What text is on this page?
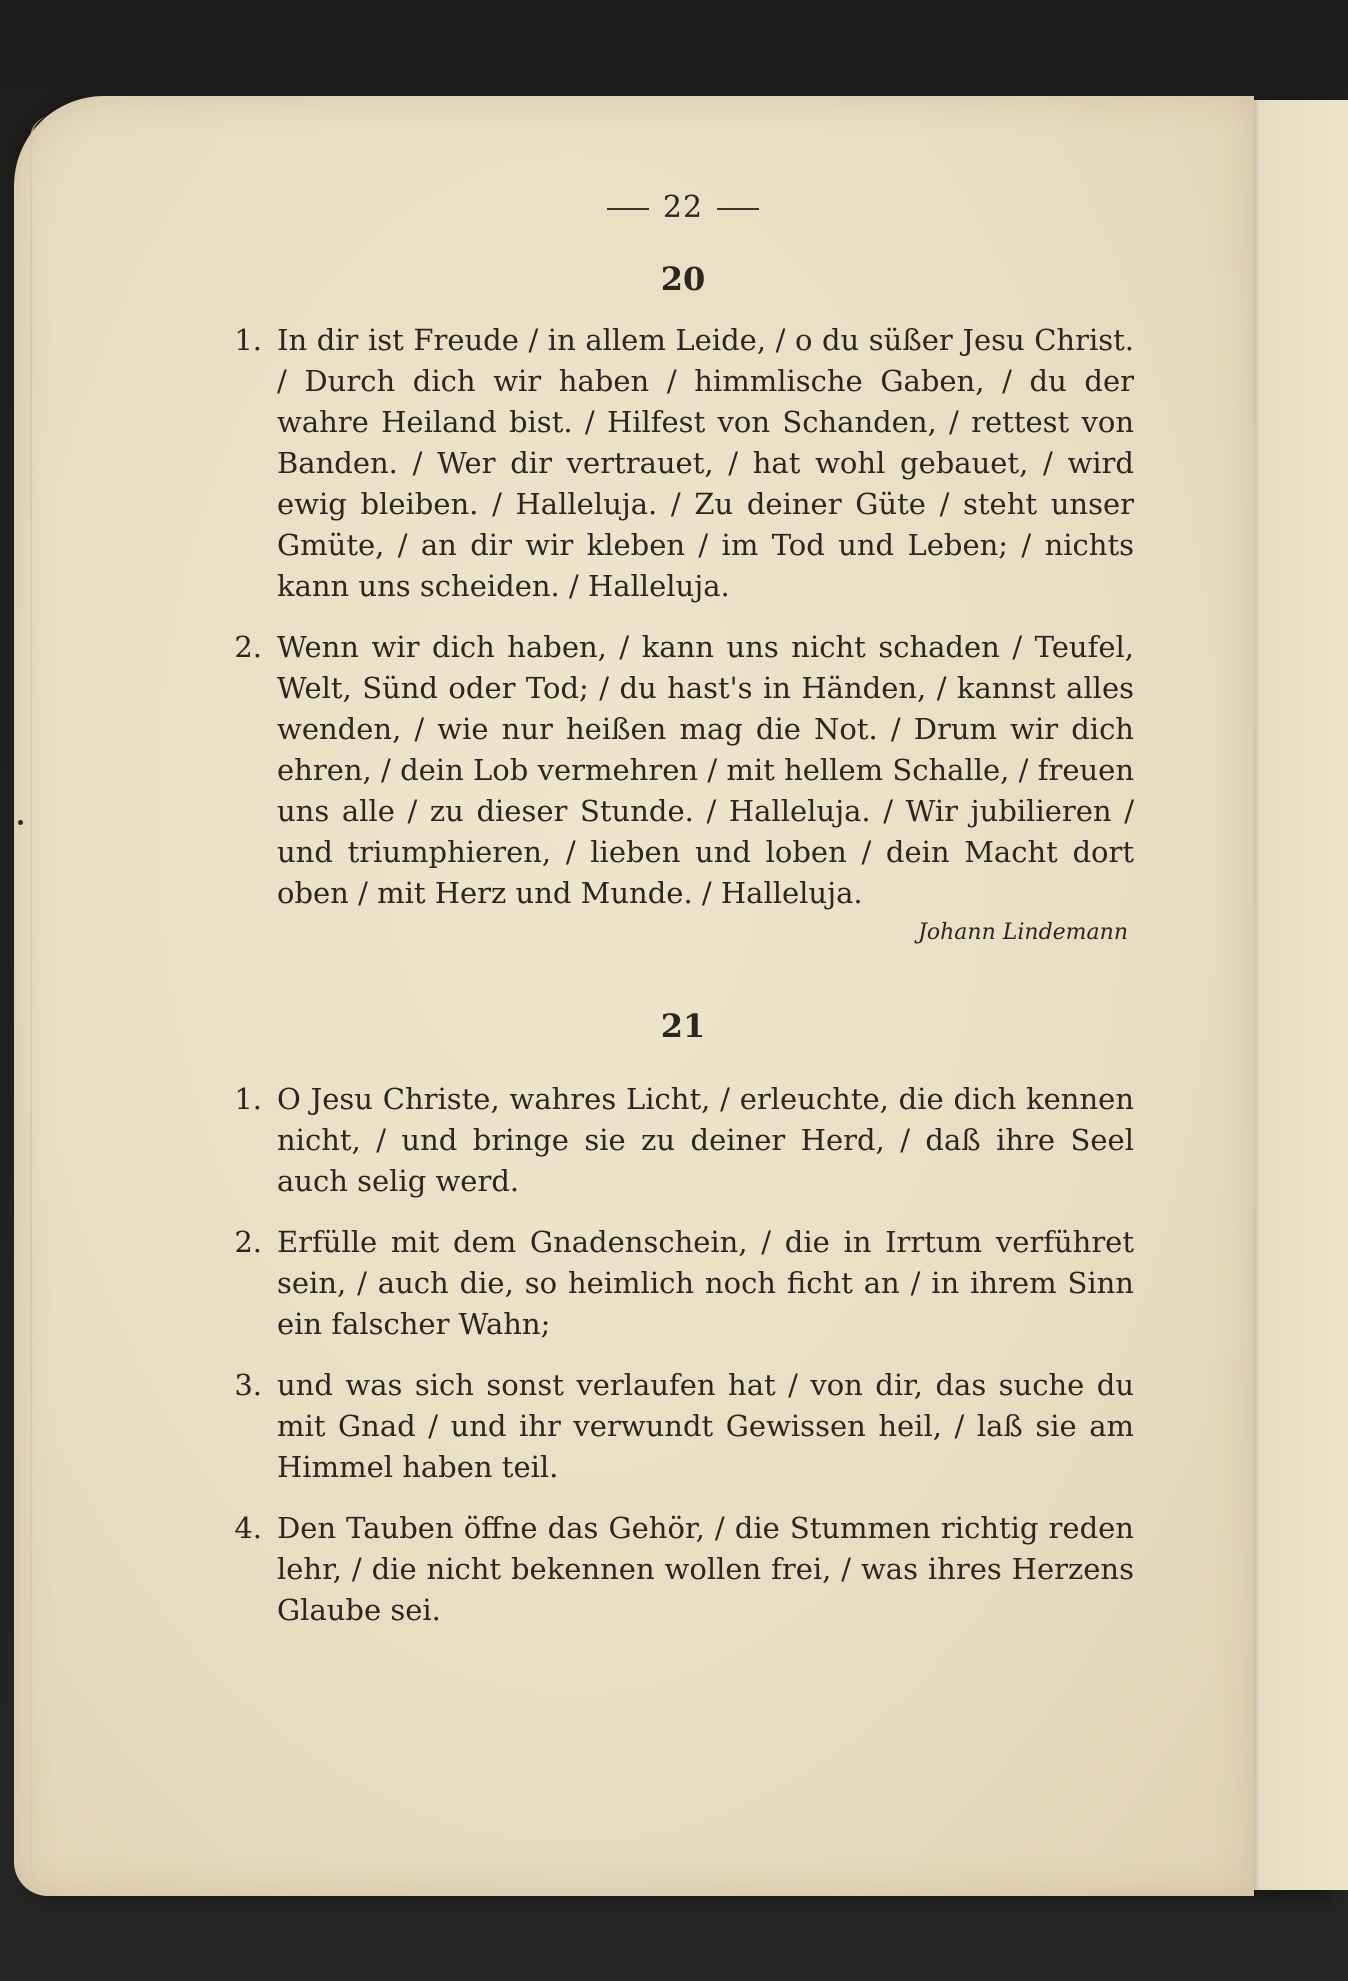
22
20
1. In dir ist Freude / in allem Leide, / o du süßer Jesu Christ. / Durch dich wir haben / himmlische Gaben, / du der wahre Heiland bist. / Hilfest von Schanden, / rettest von Banden. / Wer dir vertrauet, / hat wohl gebauet, / wird ewig bleiben. / Halleluja. / Zu deiner Güte / steht unser Gmüte, / an dir wir kleben / im Tod und Leben; / nichts kann uns scheiden. / Halleluja.
2. Wenn wir dich haben, / kann uns nicht schaden / Teufel, Welt, Sünd oder Tod; / du hast's in Händen, / kannst alles wenden, / wie nur heißen mag die Not. / Drum wir dich ehren, / dein Lob vermehren / mit hellem Schalle, / freuen uns alle / zu dieser Stunde. / Halleluja. / Wir jubilieren / und triumphieren, / lieben und loben / dein Macht dort oben / mit Herz und Munde. / Halleluja.
Johann Lindemann
21
1. O Jesu Christe, wahres Licht, / erleuchte, die dich kennen nicht, / und bringe sie zu deiner Herd, / daß ihre Seel auch selig werd.
2. Erfülle mit dem Gnadenschein, / die in Irrtum verführet sein, / auch die, so heimlich noch ficht an / in ihrem Sinn ein falscher Wahn;
3. und was sich sonst verlaufen hat / von dir, das suche du mit Gnad / und ihr verwundt Gewissen heil, / laß sie am Himmel haben teil.
4. Den Tauben öffne das Gehör, / die Stummen richtig reden lehr, / die nicht bekennen wollen frei, / was ihres Herzens Glaube sei.
